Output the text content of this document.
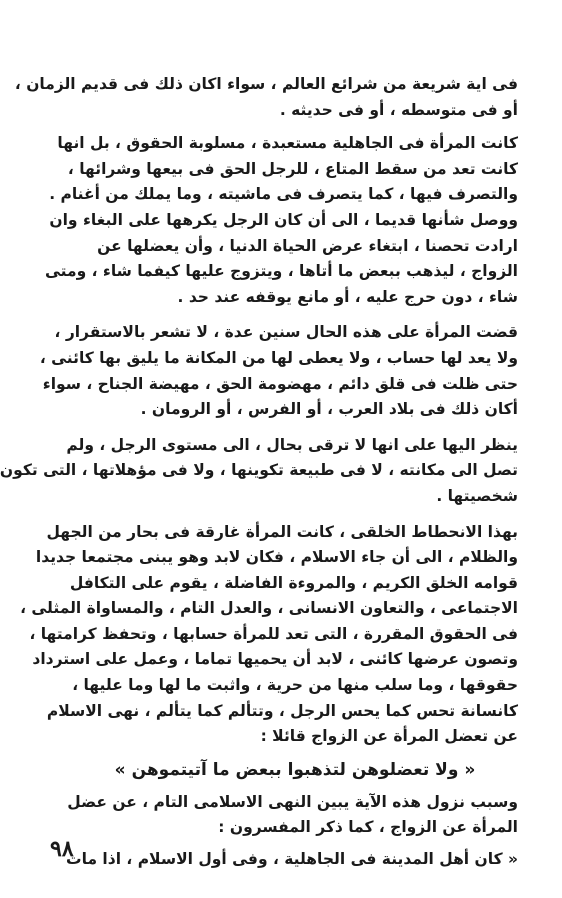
فى اية شريعة من شرائع العالم ، سواء اكان ذلك فى قديم الزمان ،
أو فى متوسطه ، أو فى حديثه .

كانت المرأة فى الجاهلية مستعبدة ، مسلوبة الحقوق ، بل انها
كانت تعد من سقط المتاع ، للرجل الحق فى بيعها وشرائها ،
والتصرف فيها ، كما يتصرف فى ماشيته ، وما يملك من أغنام .

ووصل شأنها قديما ، الى أن كان الرجل يكرهها على البغاء وان
ارادت تحصنا ، ابتغاء عرض الحياة الدنيا ، وأن يعضلها عن
الزواج ، ليذهب ببعض ما أتاها ، ويتزوج عليها كيفما شاء ، ومتى
شاء ، دون حرج عليه ، أو مانع يوقفه عند حد .

قضت المرأة على هذه الحال سنين عدة ، لا تشعر بالاستقرار ،
ولا يعد لها حساب ، ولا يعطى لها من المكانة ما يليق بها كائنى ،
حتى ظلت فى قلق دائم ، مهضومة الحق ، مهيضة الجناح ، سواء
أكان ذلك فى بلاد العرب ، أو الفرس ، أو الرومان .

ينظر اليها على انها لا ترقى بحال ، الى مستوى الرجل ، ولم
تصل الى مكانته ، لا فى طبيعة تكوينها ، ولا فى مؤهلاتها ، التى تكون
شخصيتها .

بهذا الانحطاط الخلقى ، كانت المرأة غارقة فى بحار من الجهل
والظلام ، الى أن جاء الاسلام ، فكان لابد وهو يبنى مجتمعا جديدا
قوامه الخلق الكريم ، والمروءة الفاضلة ، يقوم على التكافل
الاجتماعى ، والتعاون الانسانى ، والعدل التام ، والمساواة المثلى ،
فى الحقوق المقررة ، التى تعد للمرأة حسابها ، وتحفظ كرامتها ،
وتصون عرضها كائنى ، لابد أن يحميها تماما ، وعمل على استرداد
حقوقها ، وما سلب منها من حرية ، واثبت ما لها وما عليها ،
كانسانة تحس كما يحس الرجل ، وتتألم كما يتألم ، نهى الاسلام
عن تعضل المرأة عن الزواج قائلا :

« ولا تعضلوهن لتذهبوا ببعض ما آتيتموهن »

وسبب نزول هذه الآية يبين النهى الاسلامى التام ، عن عضل
المرأة عن الزواج ، كما ذكر المفسرون :

« كان أهل المدينة فى الجاهلية ، وفى أول الاسلام ، اذا مات

٩٨
